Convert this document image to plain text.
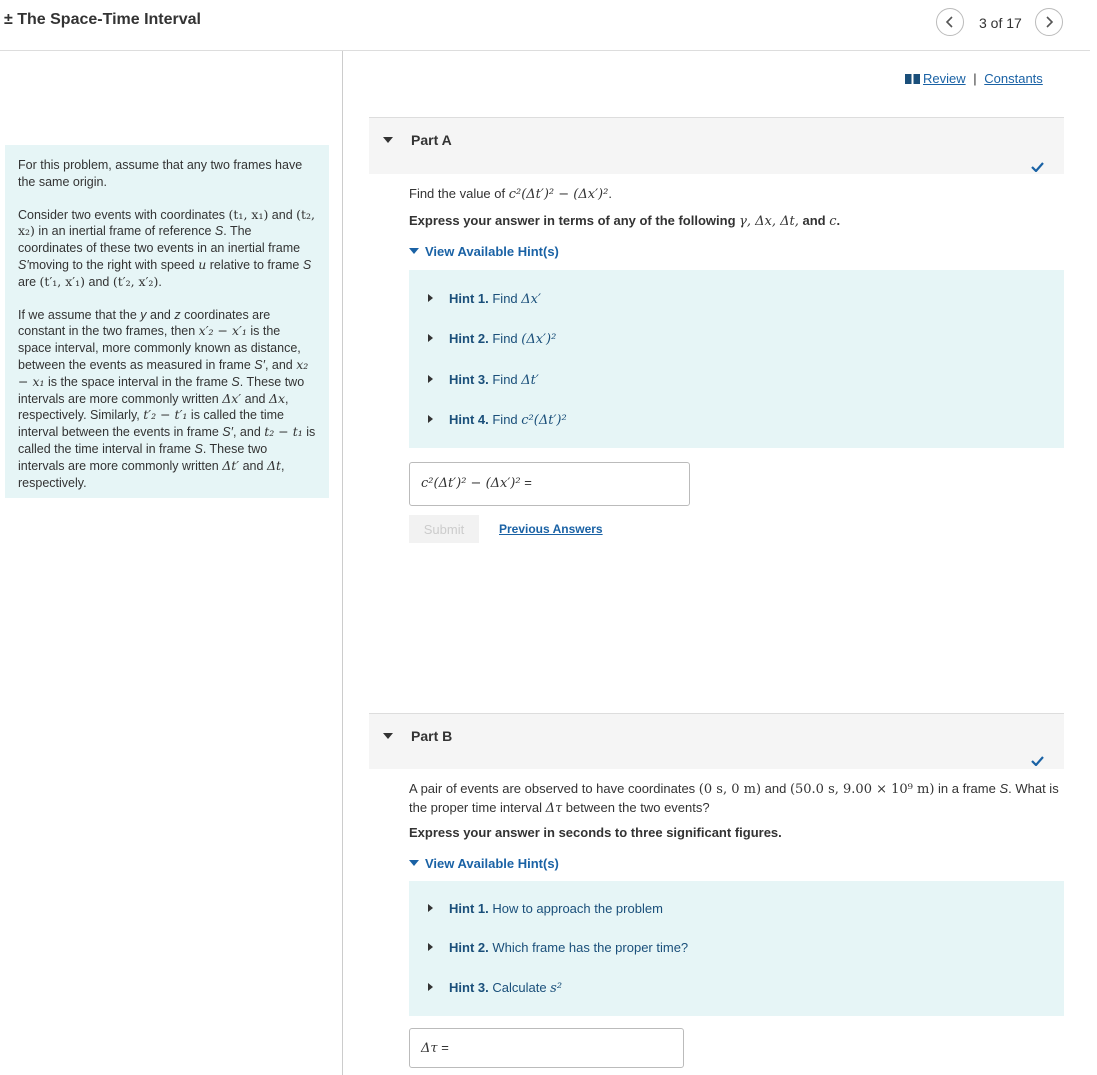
± The Space-Time Interval	3 of 17

For this problem, assume that any two frames have the same origin.

Consider two events with coordinates (t₁, x₁) and (t₂, x₂) in an inertial frame of reference S. The coordinates of these two events in an inertial frame S′moving to the right with speed u relative to frame S are (t′₁, x′₁) and (t′₂, x′₂).

If we assume that the y and z coordinates are constant in the two frames, then x′₂ − x′₁ is the space interval, more commonly known as distance, between the events as measured in frame S′, and x₂ − x₁ is the space interval in the frame S. These two intervals are more commonly written Δx′ and Δx, respectively. Similarly, t′₂ − t′₁ is called the time interval between the events in frame S′, and t₂ − t₁ is called the time interval in frame S. These two intervals are more commonly written Δt′ and Δt, respectively.

Review | Constants
Part A
Find the value of c²(Δt′)² − (Δx′)².
Express your answer in terms of any of the following γ, Δx, Δt, and c.
View Available Hint(s)
Hint 1. Find Δx′
Hint 2. Find (Δx′)²
Hint 3. Find Δt′
Hint 4. Find c²(Δt′)²
c²(Δt′)² − (Δx′)² =
Submit	Previous Answers
Part B
A pair of events are observed to have coordinates (0 s, 0 m) and (50.0 s, 9.00 × 10⁹ m) in a frame S. What is the proper time interval Δτ between the two events?
Express your answer in seconds to three significant figures.
View Available Hint(s)
Hint 1. How to approach the problem
Hint 2. Which frame has the proper time?
Hint 3. Calculate s²
Δτ =
